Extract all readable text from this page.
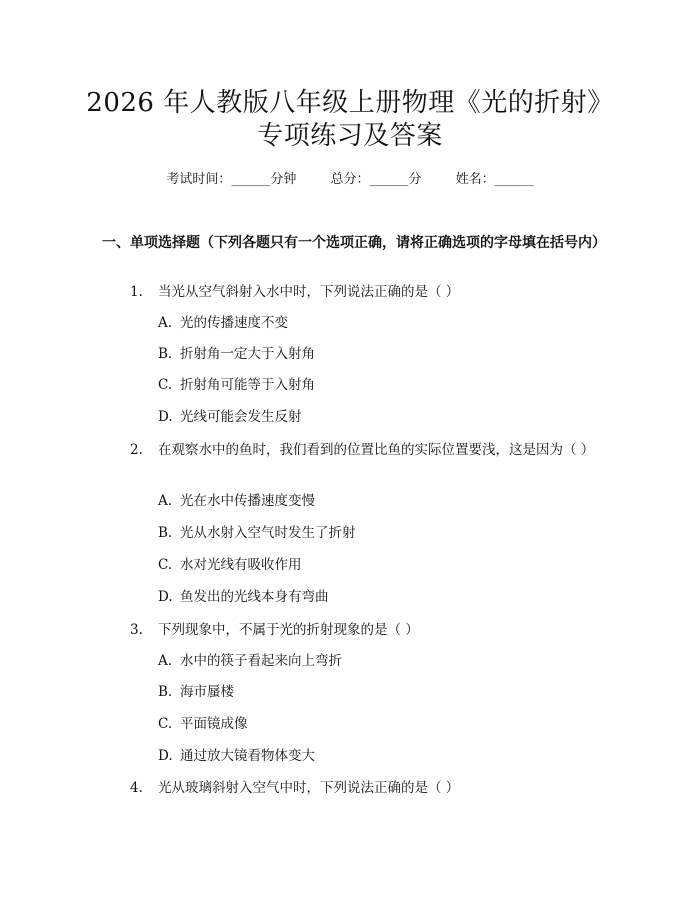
2026 年人教版八年级上册物理《光的折射》
专项练习及答案
考试时间：______分钟	总分：______分	姓名：______
一、单项选择题（下列各题只有一个选项正确，请将正确选项的字母填在括号内）
1. 当光从空气斜射入水中时，下列说法正确的是（ ）
A. 光的传播速度不变
B. 折射角一定大于入射角
C. 折射角可能等于入射角
D. 光线可能会发生反射
2. 在观察水中的鱼时，我们看到的位置比鱼的实际位置要浅，这是因为（ ）
A. 光在水中传播速度变慢
B. 光从水射入空气时发生了折射
C. 水对光线有吸收作用
D. 鱼发出的光线本身有弯曲
3. 下列现象中，不属于光的折射现象的是（ ）
A. 水中的筷子看起来向上弯折
B. 海市蜃楼
C. 平面镜成像
D. 通过放大镜看物体变大
4. 光从玻璃斜射入空气中时，下列说法正确的是（ ）
